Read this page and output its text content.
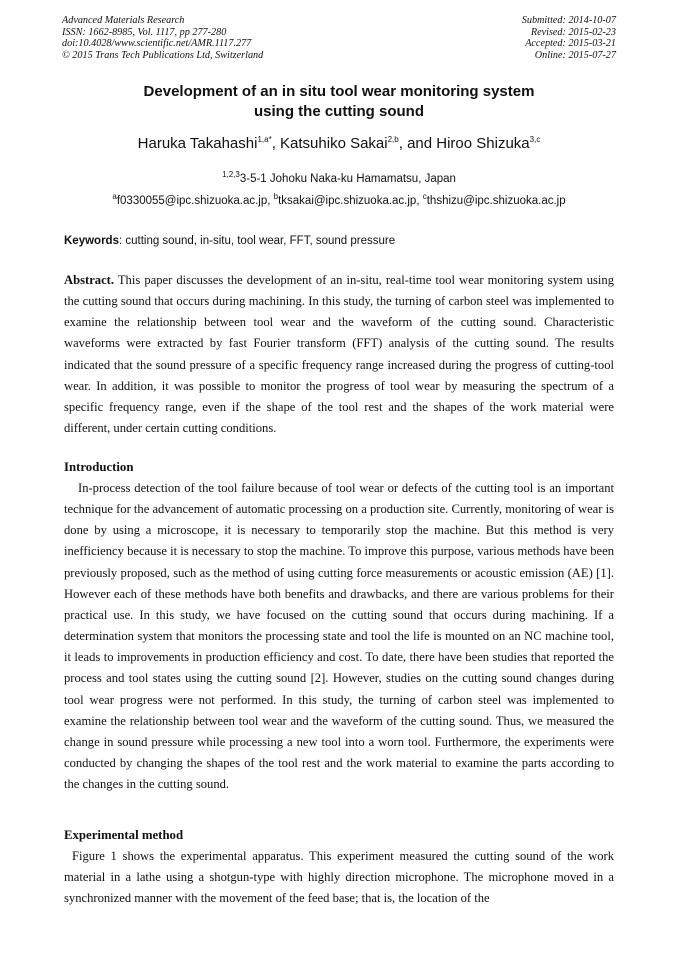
Advanced Materials Research
ISSN: 1662-8985, Vol. 1117, pp 277-280
doi:10.4028/www.scientific.net/AMR.1117.277
© 2015 Trans Tech Publications Ltd, Switzerland
Submitted: 2014-10-07
Revised: 2015-02-23
Accepted: 2015-03-21
Online: 2015-07-27
Development of an in situ tool wear monitoring system
using the cutting sound
Haruka Takahashi$^{1,a*}$, Katsuhiko Sakai$^{2,b}$, and Hiroo Shizuka$^{3,c}$
$^{1,2,3}$3-5-1 Johoku Naka-ku Hamamatsu, Japan
$^a$f0330055@ipc.shizuoka.ac.jp, $^b$tksakai@ipc.shizuoka.ac.jp, $^c$thshizu@ipc.shizuoka.ac.jp
Keywords: cutting sound, in-situ, tool wear, FFT, sound pressure

Abstract. This paper discusses the development of an in-situ, real-time tool wear monitoring system using the cutting sound that occurs during machining. In this study, the turning of carbon steel was implemented to examine the relationship between tool wear and the waveform of the cutting sound. Characteristic waveforms were extracted by fast Fourier transform (FFT) analysis of the cutting sound. The results indicated that the sound pressure of a specific frequency range increased during the progress of cutting-tool wear. In addition, it was possible to monitor the progress of tool wear by measuring the spectrum of a specific frequency range, even if the shape of the tool rest and the shapes of the work material were different, under certain cutting conditions.

Introduction

In-process detection of the tool failure because of tool wear or defects of the cutting tool is an important technique for the advancement of automatic processing on a production site. Currently, monitoring of wear is done by using a microscope, it is necessary to temporarily stop the machine. But this method is very inefficiency because it is necessary to stop the machine. To improve this purpose, various methods have been previously proposed, such as the method of using cutting force measurements or acoustic emission (AE) [1]. However each of these methods have both benefits and drawbacks, and there are various problems for their practical use. In this study, we have focused on the cutting sound that occurs during machining. If a determination system that monitors the processing state and tool the life is mounted on an NC machine tool, it leads to improvements in production efficiency and cost. To date, there have been studies that reported the process and tool states using the cutting sound [2]. However, studies on the cutting sound changes during tool wear progress were not performed. In this study, the turning of carbon steel was implemented to examine the relationship between tool wear and the waveform of the cutting sound. Thus, we measured the change in sound pressure while processing a new tool into a worn tool. Furthermore, the experiments were conducted by changing the shapes of the tool rest and the work material to examine the parts according to the changes in the cutting sound.

Experimental method

Figure 1 shows the experimental apparatus. This experiment measured the cutting sound of the work material in a lathe using a shotgun-type with highly direction microphone. The microphone moved in a synchronized manner with the movement of the feed base; that is, the location of the
